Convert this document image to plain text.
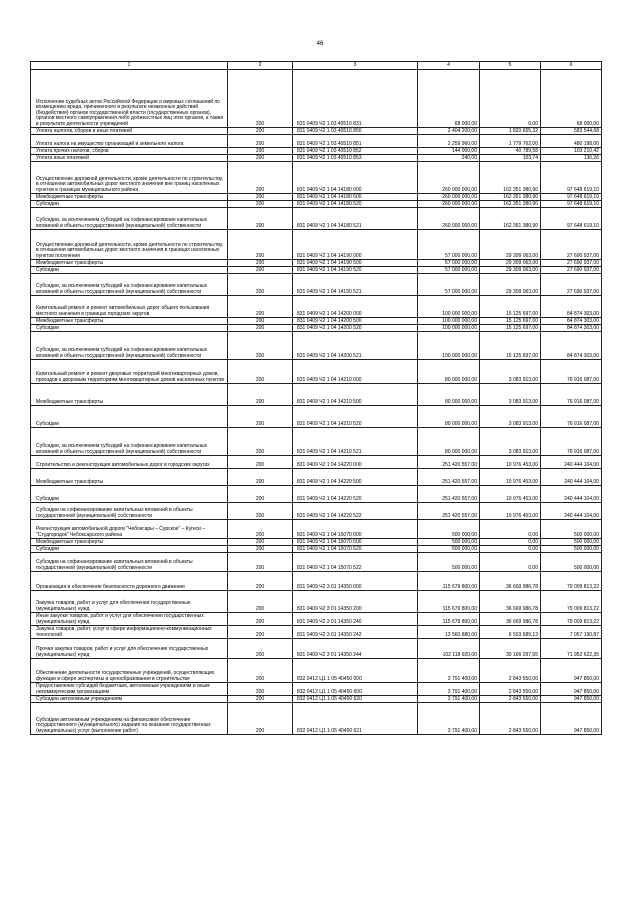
46
1	2	3	4	5	6

Исполнение судебных актов Российской Федерации и мировых соглашений по возмещению вреда, причиненного в результате незаконных действий (бездействия) органов государственной власти (государственных органов), органов местного самоуправления либо должностных лиц этих органов, а также в результате деятельности учреждений	200	831 0409 Ч2 1 03 40510 831	68 000,00	0,00	68 000,00

Уплата налогов, сборов и иных платежей	200	831 0409 Ч2 1 03 40510 850	2 404 200,00	1 820 655,32	583 544,68

Уплата налога на имущество организаций и земельного налога	200	831 0409 Ч2 1 03 40510 851	2 259 960,00	1 779 762,00	480 198,00

Уплата прочих налогов, сборов	200	831 0409 Ч2 1 03 40510 852	144 000,00	40 789,58	103 210,42

Уплата иных платежей	200	831 0409 Ч2 1 03 40510 853	240,00	103,74	136,26

Осуществление дорожной деятельности, кроме деятельности по строительству, в отношении автомобильных дорог местного значения вне границ населенных пунктов в границах муниципального района	200	831 0409 Ч2 1 04 14180 000	260 000 000,00	162 351 380,90	97 648 619,10

Межбюджетные трансферты	200	831 0409 Ч2 1 04 14180 500	260 000 000,00	162 351 380,90	97 648 619,10

Субсидии	200	831 0409 Ч2 1 04 14180 520	260 000 000,00	162 351 380,90	97 648 619,10

Субсидии, за исключением субсидий на софинансирование капитальных вложений в объекты государственной (муниципальной) собственности	200	831 0409 Ч2 1 04 14180 521	260 000 000,00	162 351 380,90	97 648 619,10

Осуществление дорожной деятельности, кроме деятельности по строительству, в отношении автомобильных дорог местного значения в границах населенных пунктов поселения	200	831 0409 Ч2 1 04 14190 000	57 000 000,00	29 309 063,00	27 690 937,00

Межбюджетные трансферты	200	831 0409 Ч2 1 04 14190 500	57 000 000,00	29 309 063,00	27 690 937,00

Субсидии	200	831 0409 Ч2 1 04 14190 520	57 000 000,00	29 309 063,00	27 690 937,00

Субсидии, за исключением субсидий на софинансирование капитальных вложений в объекты государственной (муниципальной) собственности	200	831 0409 Ч2 1 04 14190 521	57 000 000,00	29 309 063,00	27 690 937,00

Капитальный ремонт и ремонт автомобильных дорог общего пользования местного значения в границах городских округов	200	831 0409 Ч2 1 04 14200 000	100 000 000,00	15 125 697,00	84 874 303,00

Межбюджетные трансферты	200	831 0409 Ч2 1 04 14200 500	100 000 000,00	15 125 697,00	84 874 303,00

Субсидии	200	831 0409 Ч2 1 04 14200 520	100 000 000,00	15 125 697,00	84 874 303,00

Субсидии, за исключением субсидий на софинансирование капитальных вложений в объекты государственной (муниципальной) собственности	200	831 0409 Ч2 1 04 14200 521	100 000 000,00	15 125 697,00	84 874 303,00

Капитальный ремонт и ремонт дворовых территорий многоквартирных домов, проездов к дворовым территориям многоквартирных домов населенных пунктов	200	831 0409 Ч2 1 04 14210 000	80 000 000,00	3 083 913,00	76 916 087,00

Межбюджетные трансферты	200	831 0409 Ч2 1 04 14210 500	80 000 000,00	3 083 913,00	76 916 087,00

Субсидии	200	831 0409 Ч2 1 04 14210 520	80 000 000,00	3 083 913,00	76 916 087,00

Субсидии, за исключением субсидий на софинансирование капитальных вложений в объекты государственной (муниципальной) собственности	200	831 0409 Ч2 1 04 14210 521	80 000 000,00	3 083 913,00	76 916 087,00

Строительство и реконструкция автомобильных дорог в городских округах	200	831 0409 Ч2 1 04 14220 000	251 420 557,00	10 976 453,00	240 444 104,00

Межбюджетные трансферты	200	831 0409 Ч2 1 04 14220 500	251 420 557,00	10 976 453,00	240 444 104,00

Субсидии	200	831 0409 Ч2 1 04 14220 520	251 420 557,00	10 976 453,00	240 444 104,00

Субсидии на софинансирование капитальных вложений в объекты государственной (муниципальной) собственности	200	831 0409 Ч2 1 04 14220 522	251 420 557,00	10 976 453,00	240 444 104,00

Реконструкция автомобильной дороги "Чебоксары – Сурское" – Кугеси – "Студгородок" Чебоксарского района	200	831 0409 Ч2 1 04 15070 000	500 000,00	0,00	500 000,00

Межбюджетные трансферты	200	831 0409 Ч2 1 04 15070 500	500 000,00	0,00	500 000,00

Субсидии	200	831 0409 Ч2 1 04 15070 520	500 000,00	0,00	500 000,00

Субсидии на софинансирование капитальных вложений в объекты государственной (муниципальной) собственности	200	831 0409 Ч2 1 04 15070 522	500 000,00	0,00	500 000,00

Организация и обеспечение безопасности дорожного движения	200	831 0409 Ч2 3 01 14350 000	115 679 800,00	36 669 986,78	79 009 813,22

Закупка товаров, работ и услуг для обеспечения государственных (муниципальных) нужд	200	831 0409 Ч2 3 01 14350 200	115 679 800,00	36 669 986,78	79 009 813,22

Иные закупки товаров, работ и услуг для обеспечения государственных (муниципальных) нужд	200	831 0409 Ч2 3 01 14350 240	115 679 800,00	36 669 986,78	79 009 813,22

Закупка товаров, работ, услуг в сфере информационно-коммуникационных технологий	200	831 0409 Ч2 3 01 14350 242	13 560 880,00	6 503 689,13	7 057 190,87

Прочая закупка товаров, работ и услуг для обеспечения государственных (муниципальных) нужд	200	831 0409 Ч2 3 01 14350 244	102 118 920,00	30 166 297,65	71 952 622,35

Обеспечение деятельности государственных учреждений, осуществляющих функции в сфере экспертизы и ценообразования в строительстве	200	832 0412 Ц1 1 05 40450 000	3 791 400,00	2 843 550,00	947 850,00

Предоставление субсидий бюджетным, автономным учреждениям и иным некоммерческим организациям	200	832 0412 Ц1 1 05 40450 600	3 791 400,00	2 843 550,00	947 850,00

Субсидии автономным учреждениям	200	832 0412 Ц1 1 05 40450 620	3 791 400,00	2 843 550,00	947 850,00

Субсидии автономным учреждениям на финансовое обеспечение государственного (муниципального) задания на оказание государственных (муниципальных) услуг (выполнение работ)	200	832 0412 Ц1 1 05 40450 621	3 791 400,00	2 843 550,00	947 850,00
